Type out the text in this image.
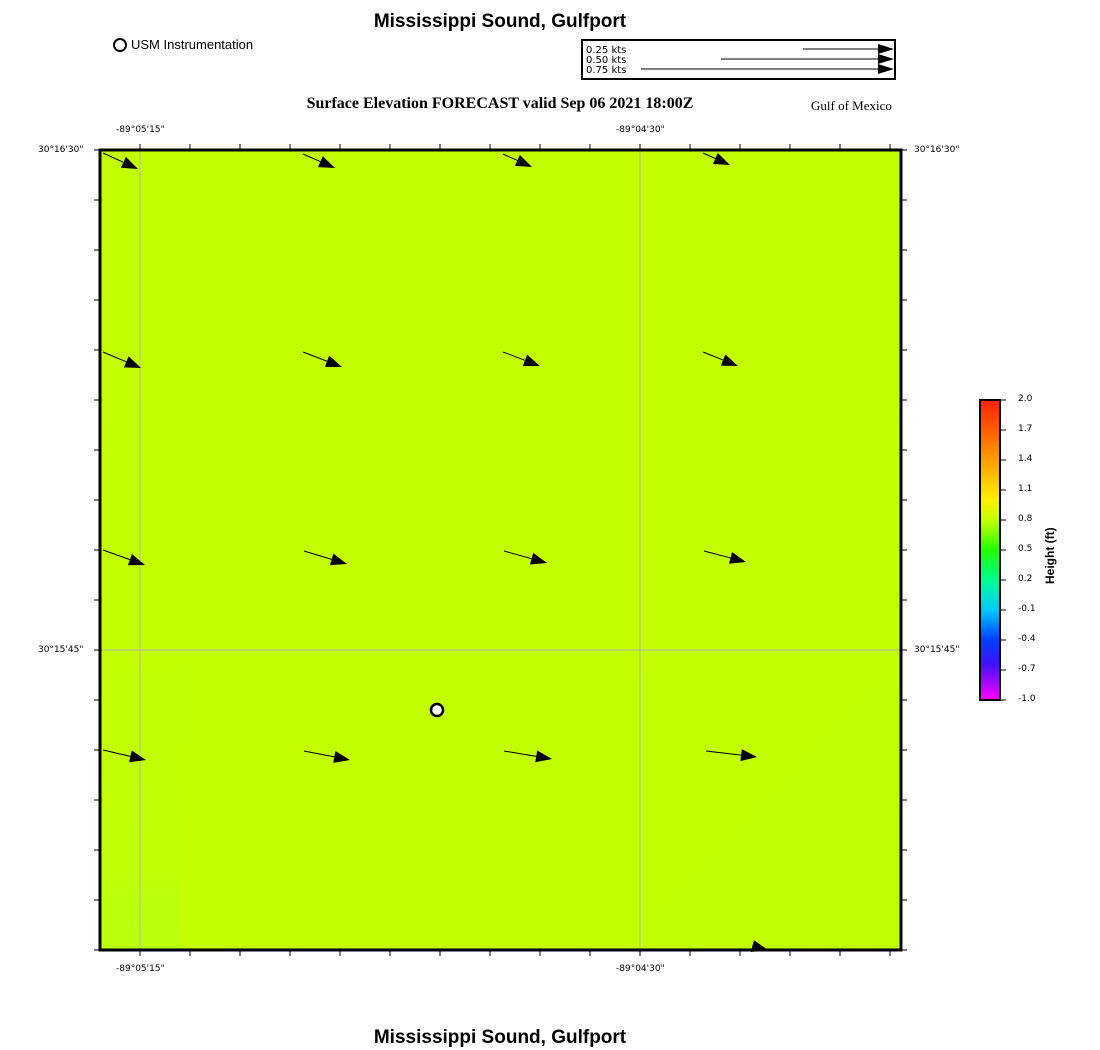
Mississippi Sound, Gulfport
USM Instrumentation	0.25 kts
0.50 kts
0.75 kts
Surface Elevation FORECAST valid Sep 06 2021 18:00Z	Gulf of Mexico
-89°05'15"	-89°04'30"
-89°05'15"	-89°04'30"
30°16'30"
30°15'45"
30°16'30"
30°15'45"
2.0
1.7
1.4
1.1
0.8
0.5
0.2
-0.1
-0.4
-0.7
-1.0
Height (ft)
Mississippi Sound, Gulfport
